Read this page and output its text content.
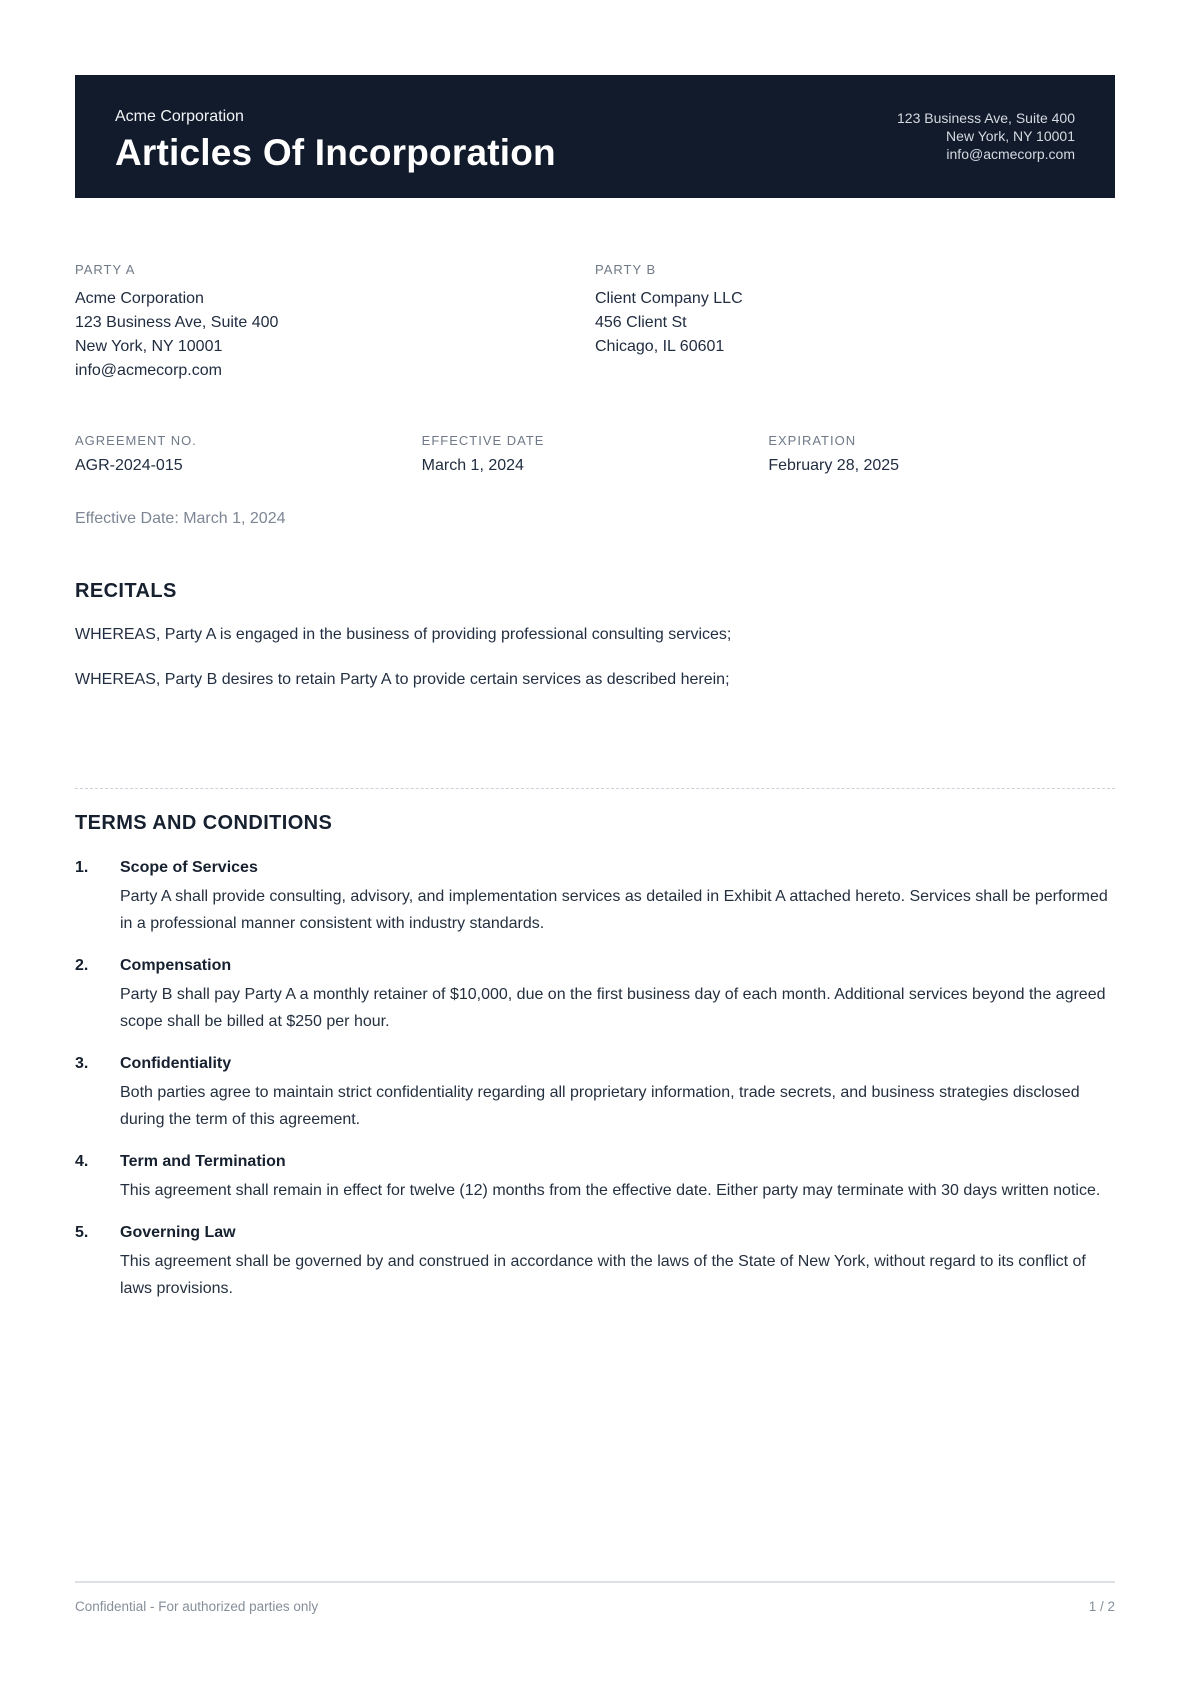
Acme Corporation
Articles Of Incorporation
123 Business Ave, Suite 400
New York, NY 10001
info@acmecorp.com
PARTY A
Acme Corporation
123 Business Ave, Suite 400
New York, NY 10001
info@acmecorp.com
PARTY B
Client Company LLC
456 Client St
Chicago, IL 60601
AGREEMENT NO.
AGR-2024-015
EFFECTIVE DATE
March 1, 2024
EXPIRATION
February 28, 2025

Effective Date: March 1, 2024

RECITALS

WHEREAS, Party A is engaged in the business of providing professional consulting services;

WHEREAS, Party B desires to retain Party A to provide certain services as described herein;

TERMS AND CONDITIONS
1.	Scope of Services

Party A shall provide consulting, advisory, and implementation services as detailed in Exhibit A attached hereto. Services shall be performed in a professional manner consistent with industry standards.

2.	Compensation

Party B shall pay Party A a monthly retainer of $10,000, due on the first business day of each month. Additional services beyond the agreed scope shall be billed at $250 per hour.

3.	Confidentiality

Both parties agree to maintain strict confidentiality regarding all proprietary information, trade secrets, and business strategies disclosed during the term of this agreement.

4.	Term and Termination

This agreement shall remain in effect for twelve (12) months from the effective date. Either party may terminate with 30 days written notice.

5.	Governing Law

This agreement shall be governed by and construed in accordance with the laws of the State of New York, without regard to its conflict of laws provisions.

Confidential - For authorized parties only	1 / 2
